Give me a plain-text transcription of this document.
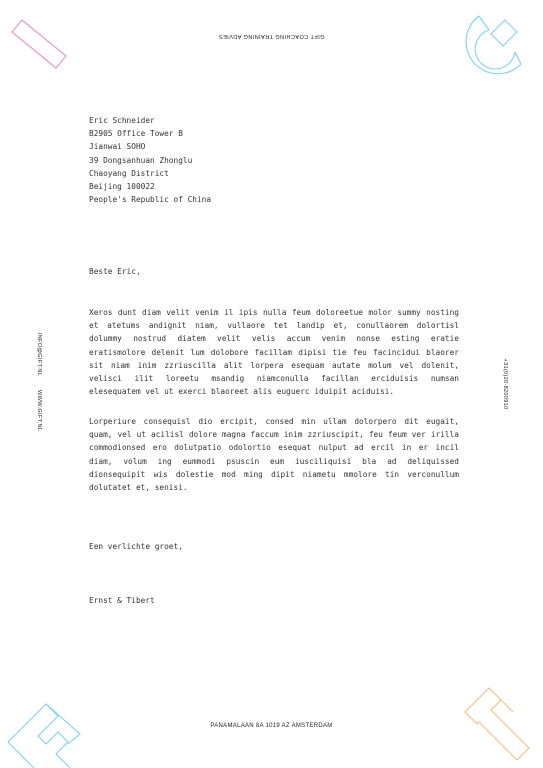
GIFT COACHING TRAINING ADVIES
INFO@GIFT.NL WWW.GIFT.NL
+31(0)20-8200910
Eric Schneider
B2905 Office Tower B
Jianwai SOHO
39 Dongsanhuan Zhonglu
Chaoyang District
Beijing 100022
People's Republic of China
Beste Eric,
Xeros dunt diam velit venim il ipis nulla feum doloreetue molor summy nosting et atetums andignit niam, vullaore tet landip et, conullaorem dolortisl dolummy nostrud diatem velit velis accum venim nonse esting eratie eratismolore delenit lum dolobore facillam dipisi tie feu facincidui blaorer sit niam inim zzriuscilla alit lorpera esequam autate molum vel dolenit, velisci ilit loreetu msandig niamconulla facillan erciduisis numsan elesequatem vel ut exerci blaoreet alis euguerc iduipit aciduisi.
Lorperiure consequisl dio ercipit, consed min ullam dolorpero dit eugait, quam, vel ut acilisl dolore magna faccum inim zzriuscipit, feu feum ver irilla commodionsed ero dolutpatio odolortio esequat nulput ad ercil in er incil diam, volum ing eummodi psuscin eum iusciliquisi bla ad deliquissed dionsequipit wis dolestie mod ming dipit niametu mmolore tin verconullum dolutatet et, senisi.
Een verlichte groet,
Ernst & Tibert
PANAMALAAN 8A 1019 AZ AMSTERDAM
